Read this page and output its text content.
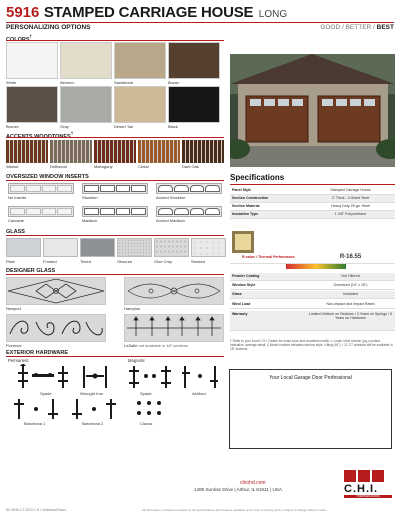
5916 STAMPED CARRIAGE HOUSE LONG
PERSONALIZING OPTIONS	GOOD / BETTER / BEST
†
White	Almond	Sandstone	Brown
Bronze	Gray	Desert Tan	Black
†
Walnut	Driftwood	Mahogany	Cedar	Dark Oak
OVERSIZED WINDOW INSERTS
No Inserts	Stockton	Arched Stockton
Cascade	Madison	Arched Madison
GLASS
Plain	Frosted	Tinted	Obscure	Glue Chip	Seeded
DESIGNER GLASS
Newport	Hampton
Florence	LaSalle not available in 18" sections
EXTERIOR HARDWARE
Permanent	Magnetic
Spade	Wrought Iron	Spade	Ashford
Barcelona 1	Barcelona 2	Clavos
Specifications
Panel Style	Stamped Carriage House
Section Construction	2" Thick - 3-Sided Steel
Section Material	Heavy Duty 25 ga. Steel
Insulation Type	1 3/8" Polyurethane
R-value / Thermal Performance	R-16.55
Powder Coating	Not Offered
Window Style	Oversized (24" x 15")
Glass	Insulated
Wind Load	Non-Impact and Impact Rated
Warranty	Limited Lifetime on Sections / 3 Years on Springs / 5 Years on Hardware
† Refer to your local C.H.I. Dealer for exact color and woodtone match. ‡ Lower short section (pg.) contact. Indicative, average detail. § Model number indicates window style. Lifting (44") = 12 7/7 windows will be available in 18" sections.
Your Local Garage Door Professional
DC-5916.1 © 2023 C.H.I. Overhead Doors
chiohd.com
1485 Sunrise Drive | Arthur, IL 61911 | USA
All information contained is based on the specifications and features available at the time of printing and is subject to change without notice.
C.H.I.
OVERHEAD DOORS
